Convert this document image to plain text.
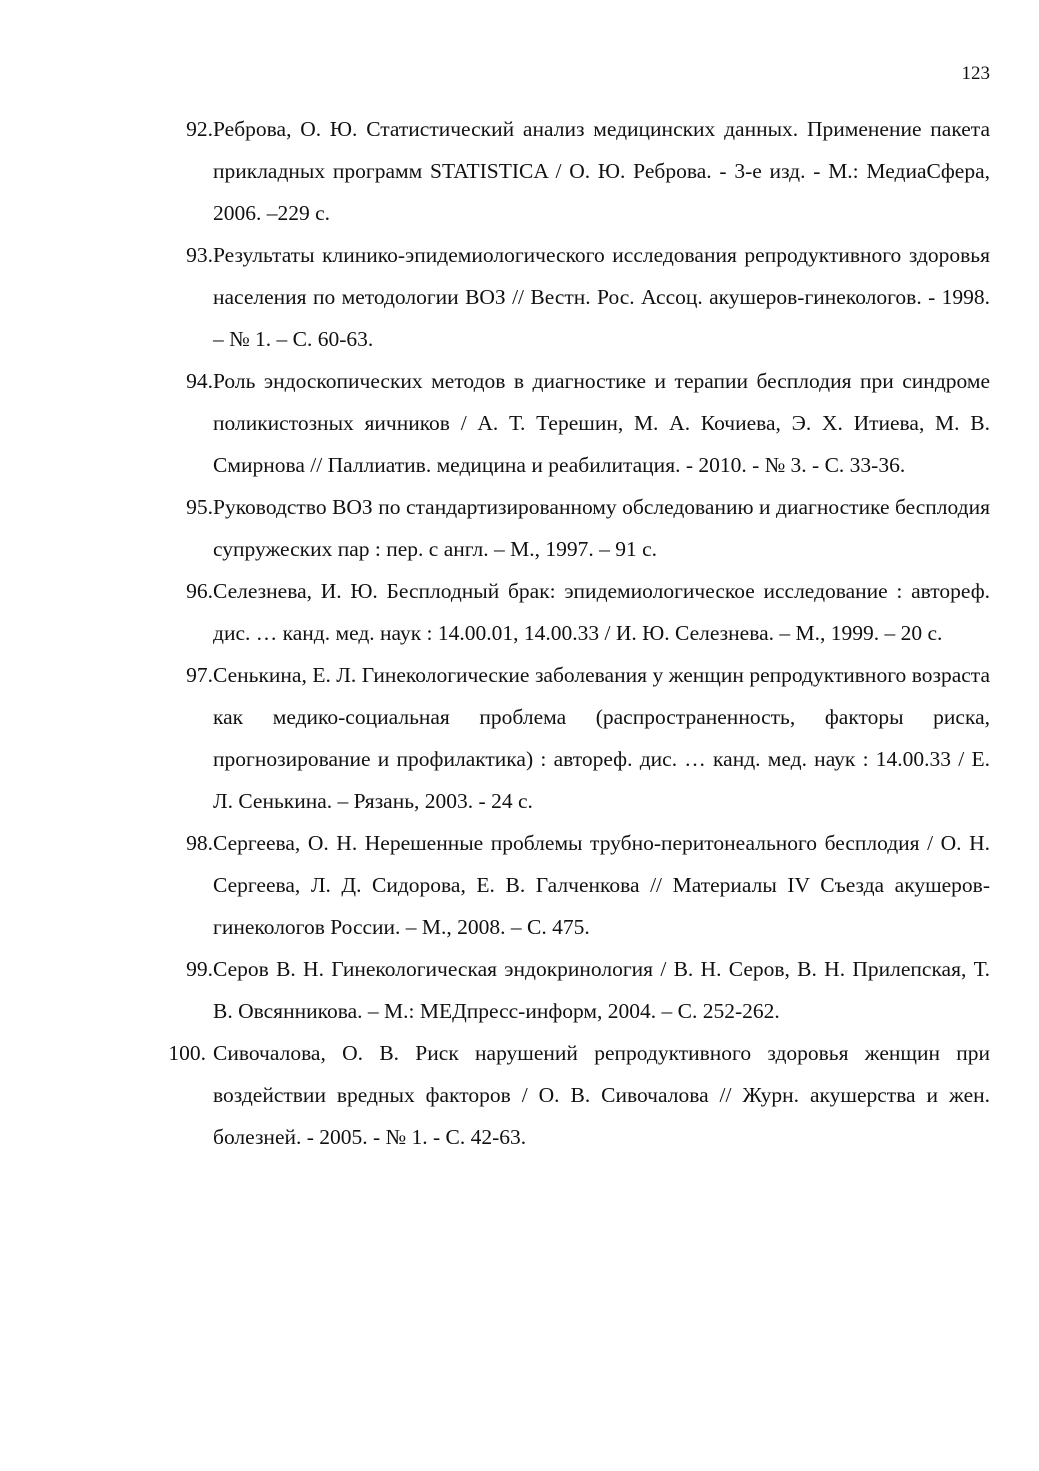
123
92. Реброва, О. Ю. Статистический анализ медицинских данных. Применение пакета прикладных программ STATISTICA / О. Ю. Реброва. - 3-е изд. - М.: МедиаСфера, 2006. –229 с.
93. Результаты клинико-эпидемиологического исследования репродуктивного здоровья населения по методологии ВОЗ // Вестн. Рос. Ассоц. акушеров-гинекологов. - 1998. – № 1. – С. 60-63.
94. Роль эндоскопических методов в диагностике и терапии бесплодия при синдроме поликистозных яичников / А. Т. Терешин, М. А. Кочиева, Э. Х. Итиева, М. В. Смирнова // Паллиатив. медицина и реабилитация. - 2010. - № 3. - С. 33-36.
95. Руководство ВОЗ по стандартизированному обследованию и диагностике бесплодия супружеских пар : пер. с англ. – М., 1997. – 91 с.
96. Селезнева, И. Ю. Бесплодный брак: эпидемиологическое исследование : автореф. дис. … канд. мед. наук : 14.00.01, 14.00.33 / И. Ю. Селезнева. – М., 1999. – 20 с.
97. Сенькина, Е. Л. Гинекологические заболевания у женщин репродуктивного возраста как медико-социальная проблема (распространенность, факторы риска, прогнозирование и профилактика) : автореф. дис. … канд. мед. наук : 14.00.33 / Е. Л. Сенькина. – Рязань, 2003. - 24 с.
98. Сергеева, О. Н. Нерешенные проблемы трубно-перитонеального бесплодия / О. Н. Сергеева, Л. Д. Сидорова, Е. В. Галченкова // Материалы IV Съезда акушеров-гинекологов России. – М., 2008. – С. 475.
99. Серов В. Н. Гинекологическая эндокринология / В. Н. Серов, В. Н. Прилепская, Т. В. Овсянникова. – М.: МЕДпресс-информ, 2004. – С. 252-262.
100. Сивочалова, О. В. Риск нарушений репродуктивного здоровья женщин при воздействии вредных факторов / О. В. Сивочалова // Журн. акушерства и жен. болезней. - 2005. - № 1. - С. 42-63.
